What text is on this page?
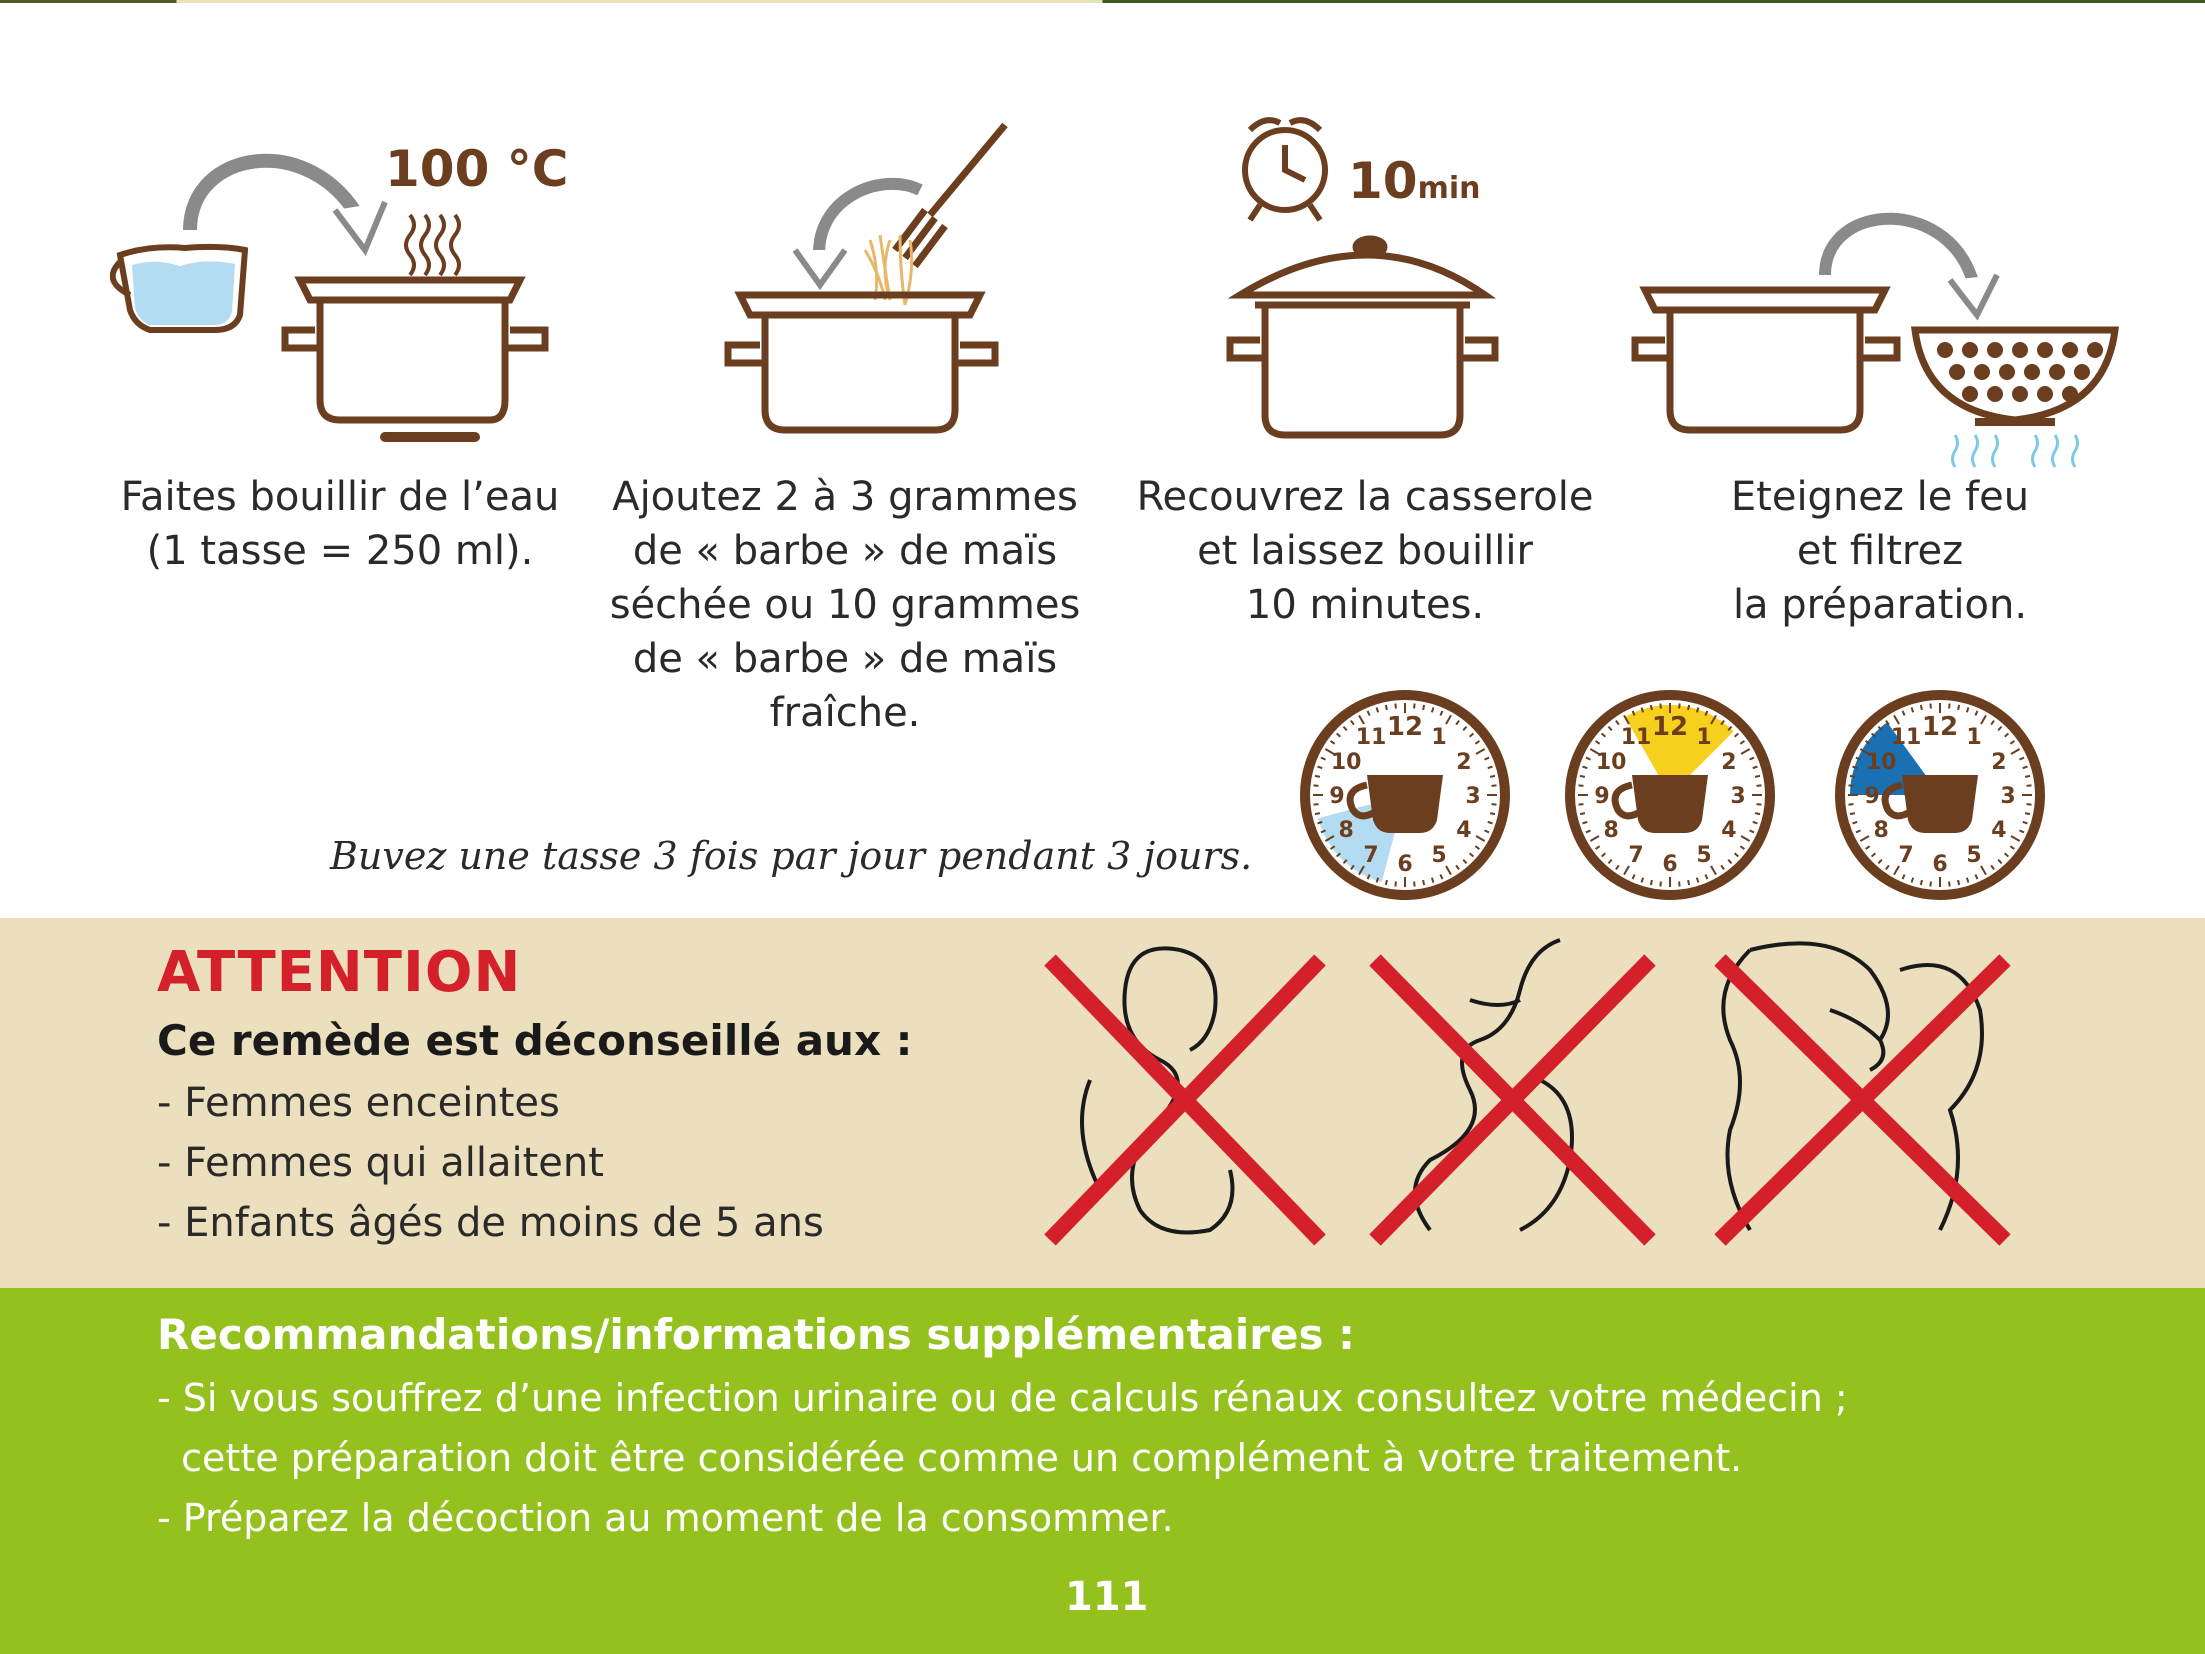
100 °C
Faites bouillir de l’eau
(1 tasse = 250 ml).
Ajoutez 2 à 3 grammes
de « barbe » de maïs
séchée ou 10 grammes
de « barbe » de maïs
fraîche.
10min
Recouvrez la casserole
et laissez bouillir
10 minutes.
Eteignez le feu
et filtrez
la préparation.
Buvez une tasse 3 fois par jour pendant 3 jours.
12 1
2
3
4
5
6
7
8
9
10
11	12 1
2
3
4
5
6
7
8
9
10
11	12 1
2
3
4
5
6
7
8
9
10
11
ATTENTION
Ce remède est déconseillé aux :
- Femmes enceintes
- Femmes qui allaitent
- Enfants âgés de moins de 5 ans
Recommandations/informations supplémentaires :
- Si vous souffrez d’une infection urinaire ou de calculs rénaux consultez votre médecin ;
cette préparation doit être considérée comme un complément à votre traitement.
- Préparez la décoction au moment de la consommer.
111
